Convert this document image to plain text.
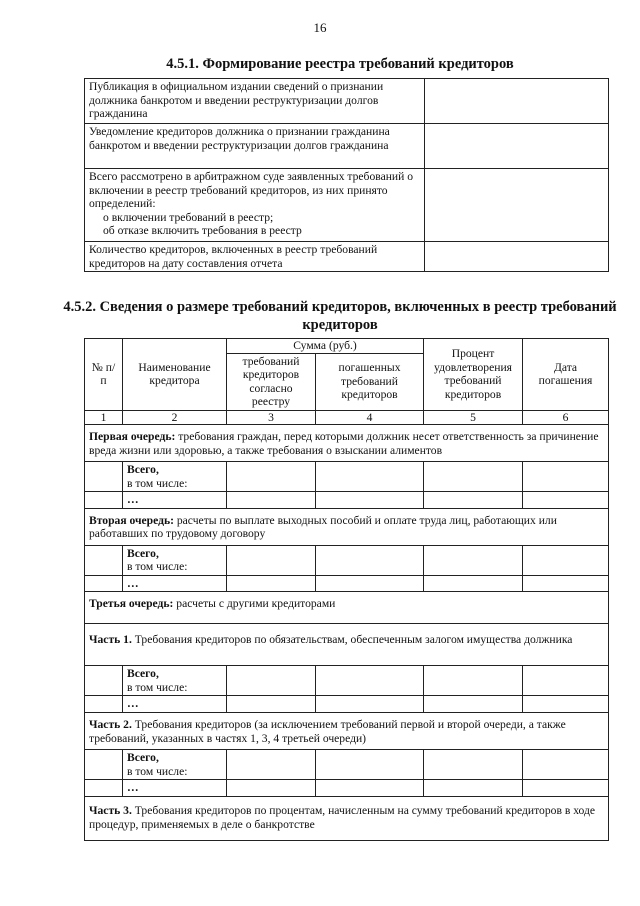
16
4.5.1. Формирование реестра требований кредиторов
Публикация в официальном издании сведений о признании должника банкротом и введении реструктуризации долгов гражданина	
Уведомление кредиторов должника о признании гражданина банкротом и введении реструктуризации долгов гражданина	
Всего рассмотрено в арбитражном суде заявленных требований о включении в реестр требований кредиторов, из них принято определений:
о включении требований в реестр;
об отказе включить требования в реестр	

Количество кредиторов, включенных в реестр требований кредиторов на дату составления отчета	
4.5.2. Сведения о размере требований кредиторов, включенных в реестр требований кредиторов
№ п/п	Наименование кредитора	Сумма (руб.)		Процент удовлетворения требований кредиторов	Дата погашения
		требований кредиторов согласно реестру	погашенных требований кредиторов		
1	2	3	4	5	6
Первая очередь: требования граждан, перед которыми должник несет ответственность за причинение вреда жизни или здоровью, а также требования о взыскании алиментов					
	Всего,
в том числе:				
	…				
Вторая очередь: расчеты по выплате выходных пособий и оплате труда лиц, работающих или работавших по трудовому договору					
	Всего,
в том числе:				
	…				
Третья очередь: расчеты с другими кредиторами					
Часть 1. Требования кредиторов по обязательствам, обеспеченным залогом имущества должника					
	Всего,
в том числе:				
	…				
Часть 2. Требования кредиторов (за исключением требований первой и второй очереди, а также требований, указанных в частях 1, 3, 4 третьей очереди)					
	Всего,
в том числе:				
	…				
Часть 3. Требования кредиторов по процентам, начисленным на сумму требований кредиторов в ходе процедур, применяемых в деле о банкротстве					
